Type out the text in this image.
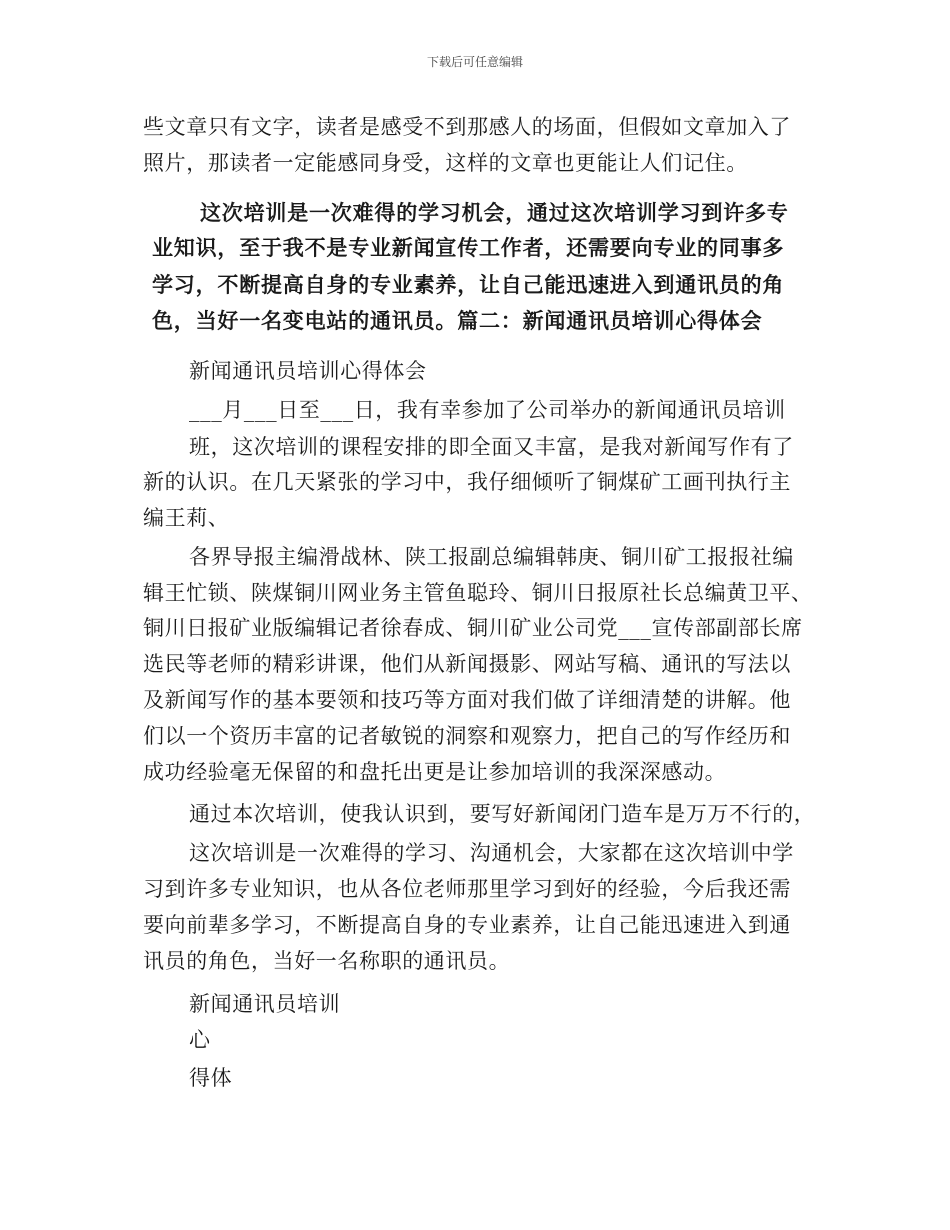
下载后可任意编辑
些文章只有文字，读者是感受不到那感人的场面，但假如文章加入了
照片，那读者一定能感同身受，这样的文章也更能让人们记住。
这次培训是一次难得的学习机会，通过这次培训学习到许多专
业知识，至于我不是专业新闻宣传工作者，还需要向专业的同事多
学习，不断提高自身的专业素养，让自己能迅速进入到通讯员的角
色，当好一名变电站的通讯员。篇二：新闻通讯员培训心得体会
新闻通讯员培训心得体会
___月___日至___日，我有幸参加了公司举办的新闻通讯员培训
班，这次培训的课程安排的即全面又丰富，是我对新闻写作有了
新的认识。在几天紧张的学习中，我仔细倾听了铜煤矿工画刊执行主
编王莉、
各界导报主编滑战林、陕工报副总编辑韩庚、铜川矿工报报社编
辑王忙锁、陕煤铜川网业务主管鱼聪玲、铜川日报原社长总编黄卫平、
铜川日报矿业版编辑记者徐春成、铜川矿业公司党___宣传部副部长席
选民等老师的精彩讲课，他们从新闻摄影、网站写稿、通讯的写法以
及新闻写作的基本要领和技巧等方面对我们做了详细清楚的讲解。他
们以一个资历丰富的记者敏锐的洞察和观察力，把自己的写作经历和
成功经验毫无保留的和盘托出更是让参加培训的我深深感动。
通过本次培训，使我认识到，要写好新闻闭门造车是万万不行的，
这次培训是一次难得的学习、沟通机会，大家都在这次培训中学
习到许多专业知识，也从各位老师那里学习到好的经验，今后我还需
要向前辈多学习，不断提高自身的专业素养，让自己能迅速进入到通
讯员的角色，当好一名称职的通讯员。
新闻通讯员培训
心
得体
